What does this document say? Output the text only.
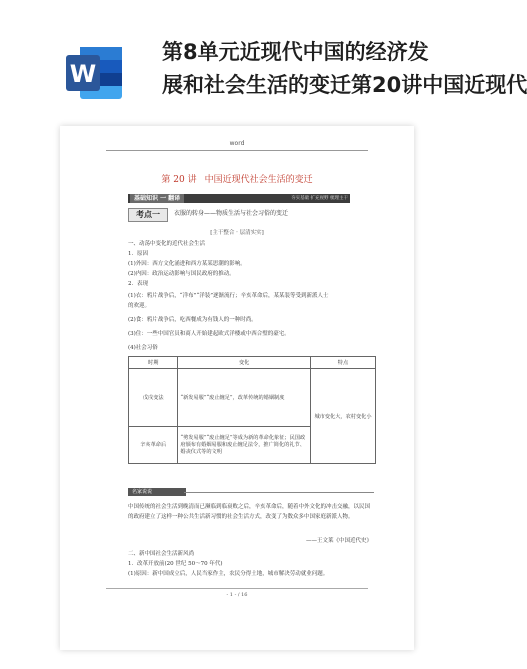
W
第8单元近现代中国的经济发
展和社会生活的变迁第20讲中国近现代
word
第 20 讲 中国近现代社会生活的变迁
基础知识 一 翻译	夯实基础 扩充视野 梳理主干
考点一	衣服的转身——物质生活与社会习俗的变迁
[主干整合 · 层清实实]
一、动荡中变化的近代社会生活
1．原因
(1)外因：西方文化涌进和西方某某思潮的影响。
(2)内因：政治运动影响与国民政府的推动。
2．表现
(1)衣：鸦片战争后，“洋布”“洋装”逐渐流行；辛亥革命后，某某装等受到新派人士
的欢迎。
(2)食：鸦片战争后，吃西餐成为有钱人的一种时尚。
(3)住：一些中国官员和商人开始建起欧式洋楼或中西合璧的豪宅。
(4)社会习俗
时期	变化	特点
戊戌变法	“新发易服”“废止缠足”，改革传统的婚姻制度	城市变化大，农村变化小
辛亥革命后	“剪发易服”“废止缠足”等成为新的革命化象征；民国政府颁布有婚姻易服和废止缠足法令，推广简化的礼节、婚丧仪式等的文明	
名家说说
中国传统的社会生活到晚清而已濒临到临衰败之后，辛亥革命后，随着中外文化的冲击交融，以民国的政府建立了这样一种公共生活新习惯的社会生活方式，改变了为数众多中国家庭新派人物。
——王文莱《中国近代史》
二、新中国社会生活新风尚
1．改革开放前(20 世纪 50～70 年代)
(1)原因：新中国成立后，人民当家作主，农民分得土地，城市解决劳动就业问题。
- 1 - / 16
